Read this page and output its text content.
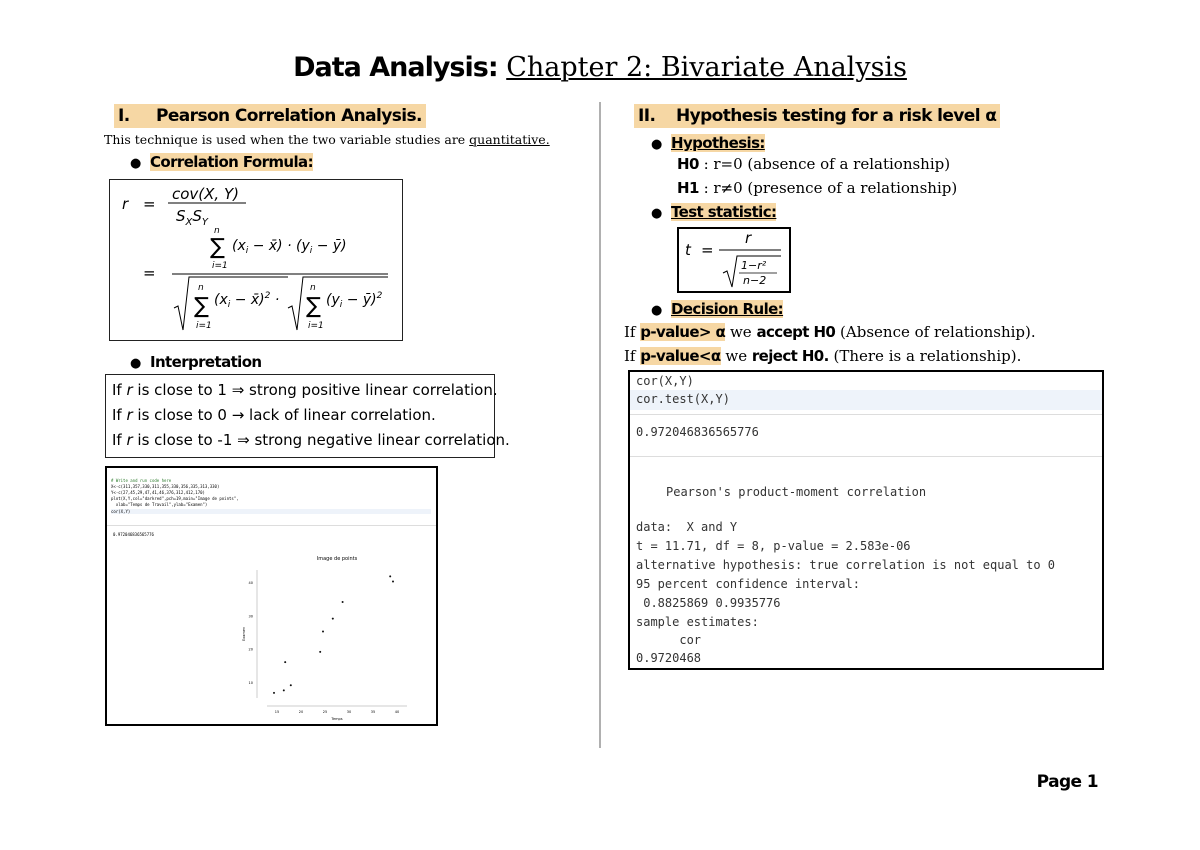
Data Analysis: Chapter 2: Bivariate Analysis
I. Pearson Correlation Analysis.
This technique is used when the two variable studies are quantitative.
● Correlation Formula:
r =
cov(X, Y)
$S_XS_Y$
n
∑ ($x_i$ − x̄) · ($y_i$ − ȳ)
i=1
=
n
∑ ($x_i$ − x̄)$^2$ ·
i=1
n
∑ ($y_i$ − ȳ)$^2$
i=1
● Interpretation
If r is close to 1 ⇒ strong positive linear correlation.
If r is close to 0 → lack of linear correlation.
If r is close to -1 ⇒ strong negative linear correlation.
# Write and run code here
X<-c(311,357,330,311,355,330,356,335,313,330)
Y<-c(27,45,29,47,41,46,376,312,412,170)
plot(X,Y,col="darkred",pch=19,main="Image de points",
xlab="Temps de Travail",ylab="Examen")
cor(X,Y)
0.972046836565776
Image de points
15	20	25	30	35	40
10
20
30
40
Temps
Examen
II. Hypothesis testing for a risk level α
● Hypothesis:
H0 : r=0 (absence of a relationship)
H1 : r≠0 (presence of a relationship)
● Test statistic:
t =
r
1−r²
n−2
● Decision Rule:
If p-value> α we accept H0 (Absence of relationship).
If p-value<α we reject H0. (There is a relationship).
cor(X,Y)
cor.test(X,Y)
0.972046836565776
Pearson's product-moment correlation
data:  X and Y
t = 11.71, df = 8, p-value = 2.583e-06
alternative hypothesis: true correlation is not equal to 0
95 percent confidence interval:
0.8825869 0.9935776
sample estimates:
cor
0.9720468
Page 1
